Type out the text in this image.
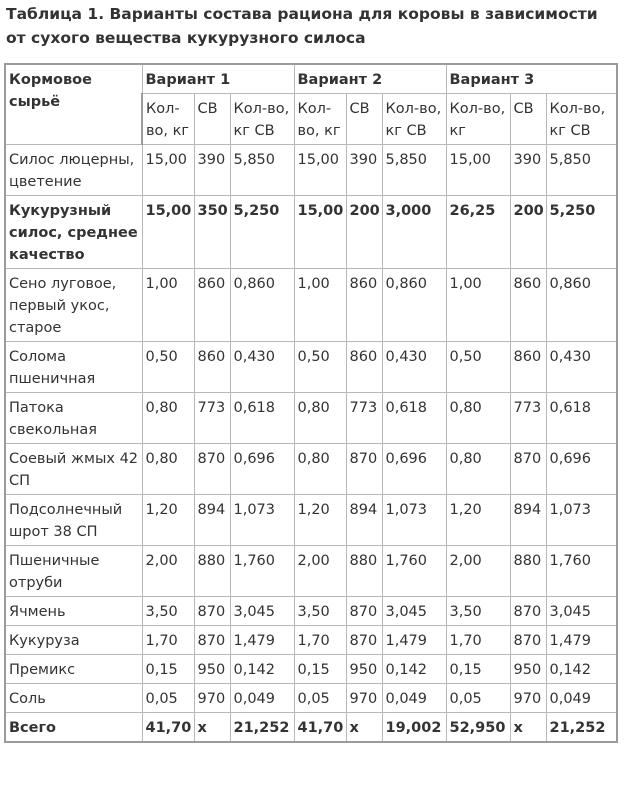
Таблица 1. Варианты состава рациона для коровы в зависимости от сухого вещества кукурузного силоса
Кормовое сырьё	Вариант 1			Вариант 2			Вариант 3		
	Кол-во, кг	СВ	Кол-во, кг СВ	Кол-во, кг	СВ	Кол-во, кг СВ	Кол-во, кг	СВ	Кол-во, кг СВ
Силос люцерны, цветение	15,00	390	5,850	15,00	390	5,850	15,00	390	5,850
Кукурузный силос, среднее качество	15,00	350	5,250	15,00	200	3,000	26,25	200	5,250
Сено луговое, первый укос, старое	1,00	860	0,860	1,00	860	0,860	1,00	860	0,860
Солома пшеничная	0,50	860	0,430	0,50	860	0,430	0,50	860	0,430
Патока свекольная	0,80	773	0,618	0,80	773	0,618	0,80	773	0,618
Соевый жмых 42 СП	0,80	870	0,696	0,80	870	0,696	0,80	870	0,696
Подсолнечный шрот 38 СП	1,20	894	1,073	1,20	894	1,073	1,20	894	1,073
Пшеничные отруби	2,00	880	1,760	2,00	880	1,760	2,00	880	1,760
Ячмень	3,50	870	3,045	3,50	870	3,045	3,50	870	3,045
Кукуруза	1,70	870	1,479	1,70	870	1,479	1,70	870	1,479
Премикс	0,15	950	0,142	0,15	950	0,142	0,15	950	0,142
Соль	0,05	970	0,049	0,05	970	0,049	0,05	970	0,049
Всего	41,70	х	21,252	41,70	х	19,002	52,950	х	21,252
